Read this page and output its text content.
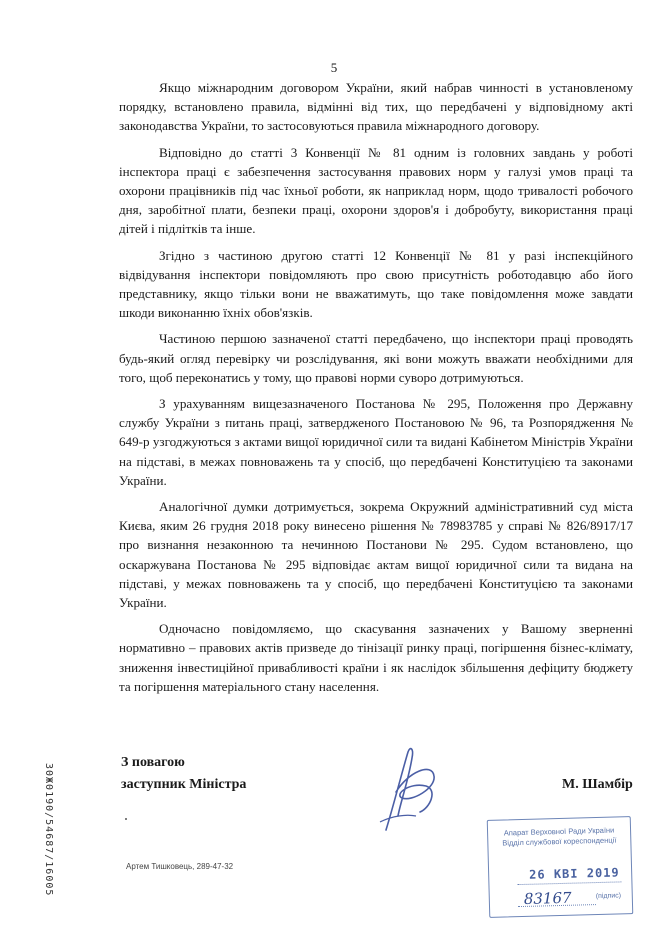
5

Якщо міжнародним договором України, який набрав чинності в установленому порядку, встановлено правила, відмінні від тих, що передбачені у відповідному акті законодавства України, то застосовуються правила міжнародного договору.

Відповідно до статті 3 Конвенції № 81 одним із головних завдань у роботі інспектора праці є забезпечення застосування правових норм у галузі умов праці та охорони працівників під час їхньої роботи, як наприклад норм, щодо тривалості робочого дня, заробітної плати, безпеки праці, охорони здоров'я і добробуту, використання праці дітей і підлітків та інше.

Згідно з частиною другою статті 12 Конвенції № 81 у разі інспекційного відвідування інспектори повідомляють про свою присутність роботодавцю або його представнику, якщо тільки вони не вважатимуть, що таке повідомлення може завдати шкоди виконанню їхніх обов'язків.

Частиною першою зазначеної статті передбачено, що інспектори праці проводять будь-який огляд перевірку чи розслідування, які вони можуть вважати необхідними для того, щоб переконатись у тому, що правові норми суворо дотримуються.

З урахуванням вищезазначеного Постанова № 295, Положення про Державну службу України з питань праці, затвердженого Постановою № 96, та Розпорядження № 649-р узгоджуються з актами вищої юридичної сили та видані Кабінетом Міністрів України на підставі, в межах повноважень та у спосіб, що передбачені Конституцією та законами України.

Аналогічної думки дотримується, зокрема Окружний адміністративний суд міста Києва, яким 26 грудня 2018 року винесено рішення № 78983785 у справі № 826/8917/17 про визнання незаконною та нечинною Постанови № 295. Судом встановлено, що оскаржувана Постанова № 295 відповідає актам вищої юридичної сили та видана на підставі, у межах повноважень та у спосіб, що передбачені Конституцією та законами України.

Одночасно повідомляємо, що скасування зазначених у Вашому зверненні нормативно – правових актів призведе до тінізації ринку праці, погіршення бізнес-клімату, зниження інвестиційної привабливості країни і як наслідок збільшення дефіциту бюджету та погіршення матеріального стану населення.

З повагою
заступник Міністра	М. Шамбір
30Ж0190/54687/16005	Артем Тишковець, 289-47-32
Апарат Верховної Ради України
Відділ службової кореспонденції
26 КВІ 2019
83167	(підпис)
